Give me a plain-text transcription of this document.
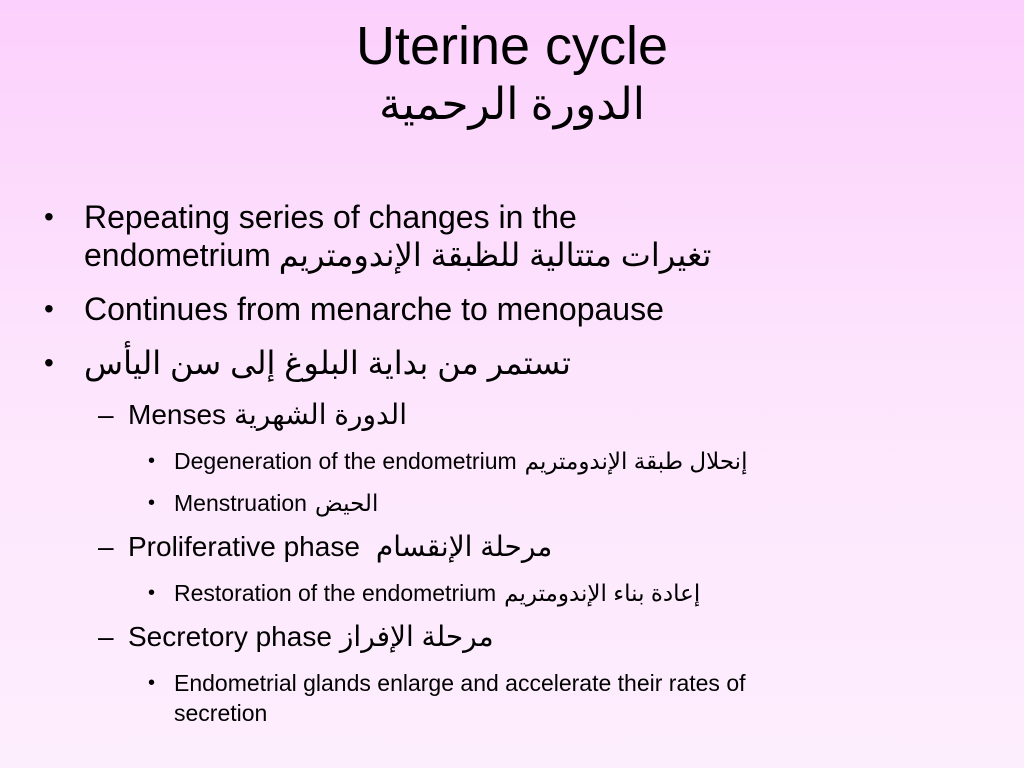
Uterine cycle
الدورة الرحمية
• Repeating series of changes in the
endometrium تغيرات متتالية للظبقة الإندومتريم
• Continues from menarche to menopause
• تستمر من بداية البلوغ إلى سن اليأس
– Menses الدورة الشهرية
• Degeneration of the endometrium إنحلال طبقة الإندومتريم
• Menstruation الحيض
– Proliferative phase مرحلة الإنقسام
• Restoration of the endometrium إعادة بناء الإندومتريم
– Secretory phase مرحلة الإفراز
• Endometrial glands enlarge and accelerate their rates of
secretion
